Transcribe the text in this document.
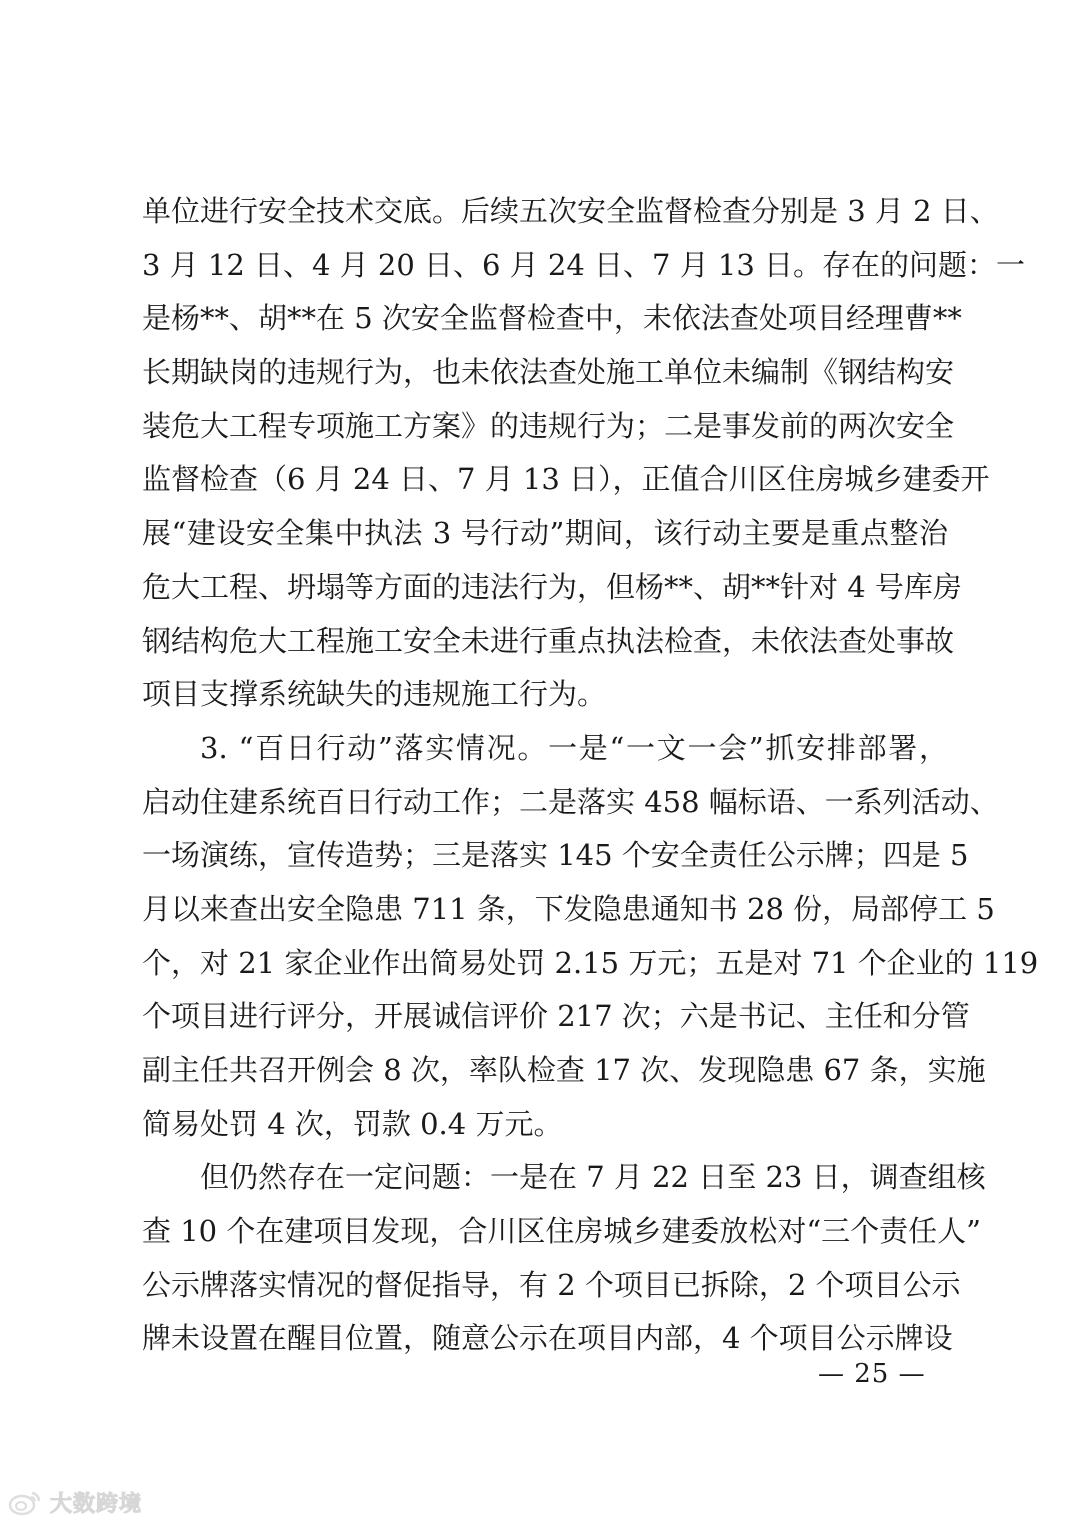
单位进行安全技术交底。后续五次安全监督检查分别是 3 月 2 日、
3 月 12 日、4 月 20 日、6 月 24 日、7 月 13 日。存在的问题：一
是杨**、胡**在 5 次安全监督检查中，未依法查处项目经理曹**
长期缺岗的违规行为，也未依法查处施工单位未编制《钢结构安
装危大工程专项施工方案》的违规行为；二是事发前的两次安全
监督检查（6 月 24 日、7 月 13 日），正值合川区住房城乡建委开
展“建设安全集中执法 3 号行动”期间，该行动主要是重点整治
危大工程、坍塌等方面的违法行为，但杨**、胡**针对 4 号库房
钢结构危大工程施工安全未进行重点执法检查，未依法查处事故
项目支撑系统缺失的违规施工行为。
3. “百日行动”落实情况。一是“一文一会”抓安排部署，
启动住建系统百日行动工作；二是落实 458 幅标语、一系列活动、
一场演练，宣传造势；三是落实 145 个安全责任公示牌；四是 5
月以来查出安全隐患 711 条，下发隐患通知书 28 份，局部停工 5
个，对 21 家企业作出简易处罚 2.15 万元；五是对 71 个企业的 119
个项目进行评分，开展诚信评价 217 次；六是书记、主任和分管
副主任共召开例会 8 次，率队检查 17 次、发现隐患 67 条，实施
简易处罚 4 次，罚款 0.4 万元。
但仍然存在一定问题：一是在 7 月 22 日至 23 日，调查组核
查 10 个在建项目发现，合川区住房城乡建委放松对“三个责任人”
公示牌落实情况的督促指导，有 2 个项目已拆除，2 个项目公示
牌未设置在醒目位置，随意公示在项目内部，4 个项目公示牌设
— 25 —
大数跨境
